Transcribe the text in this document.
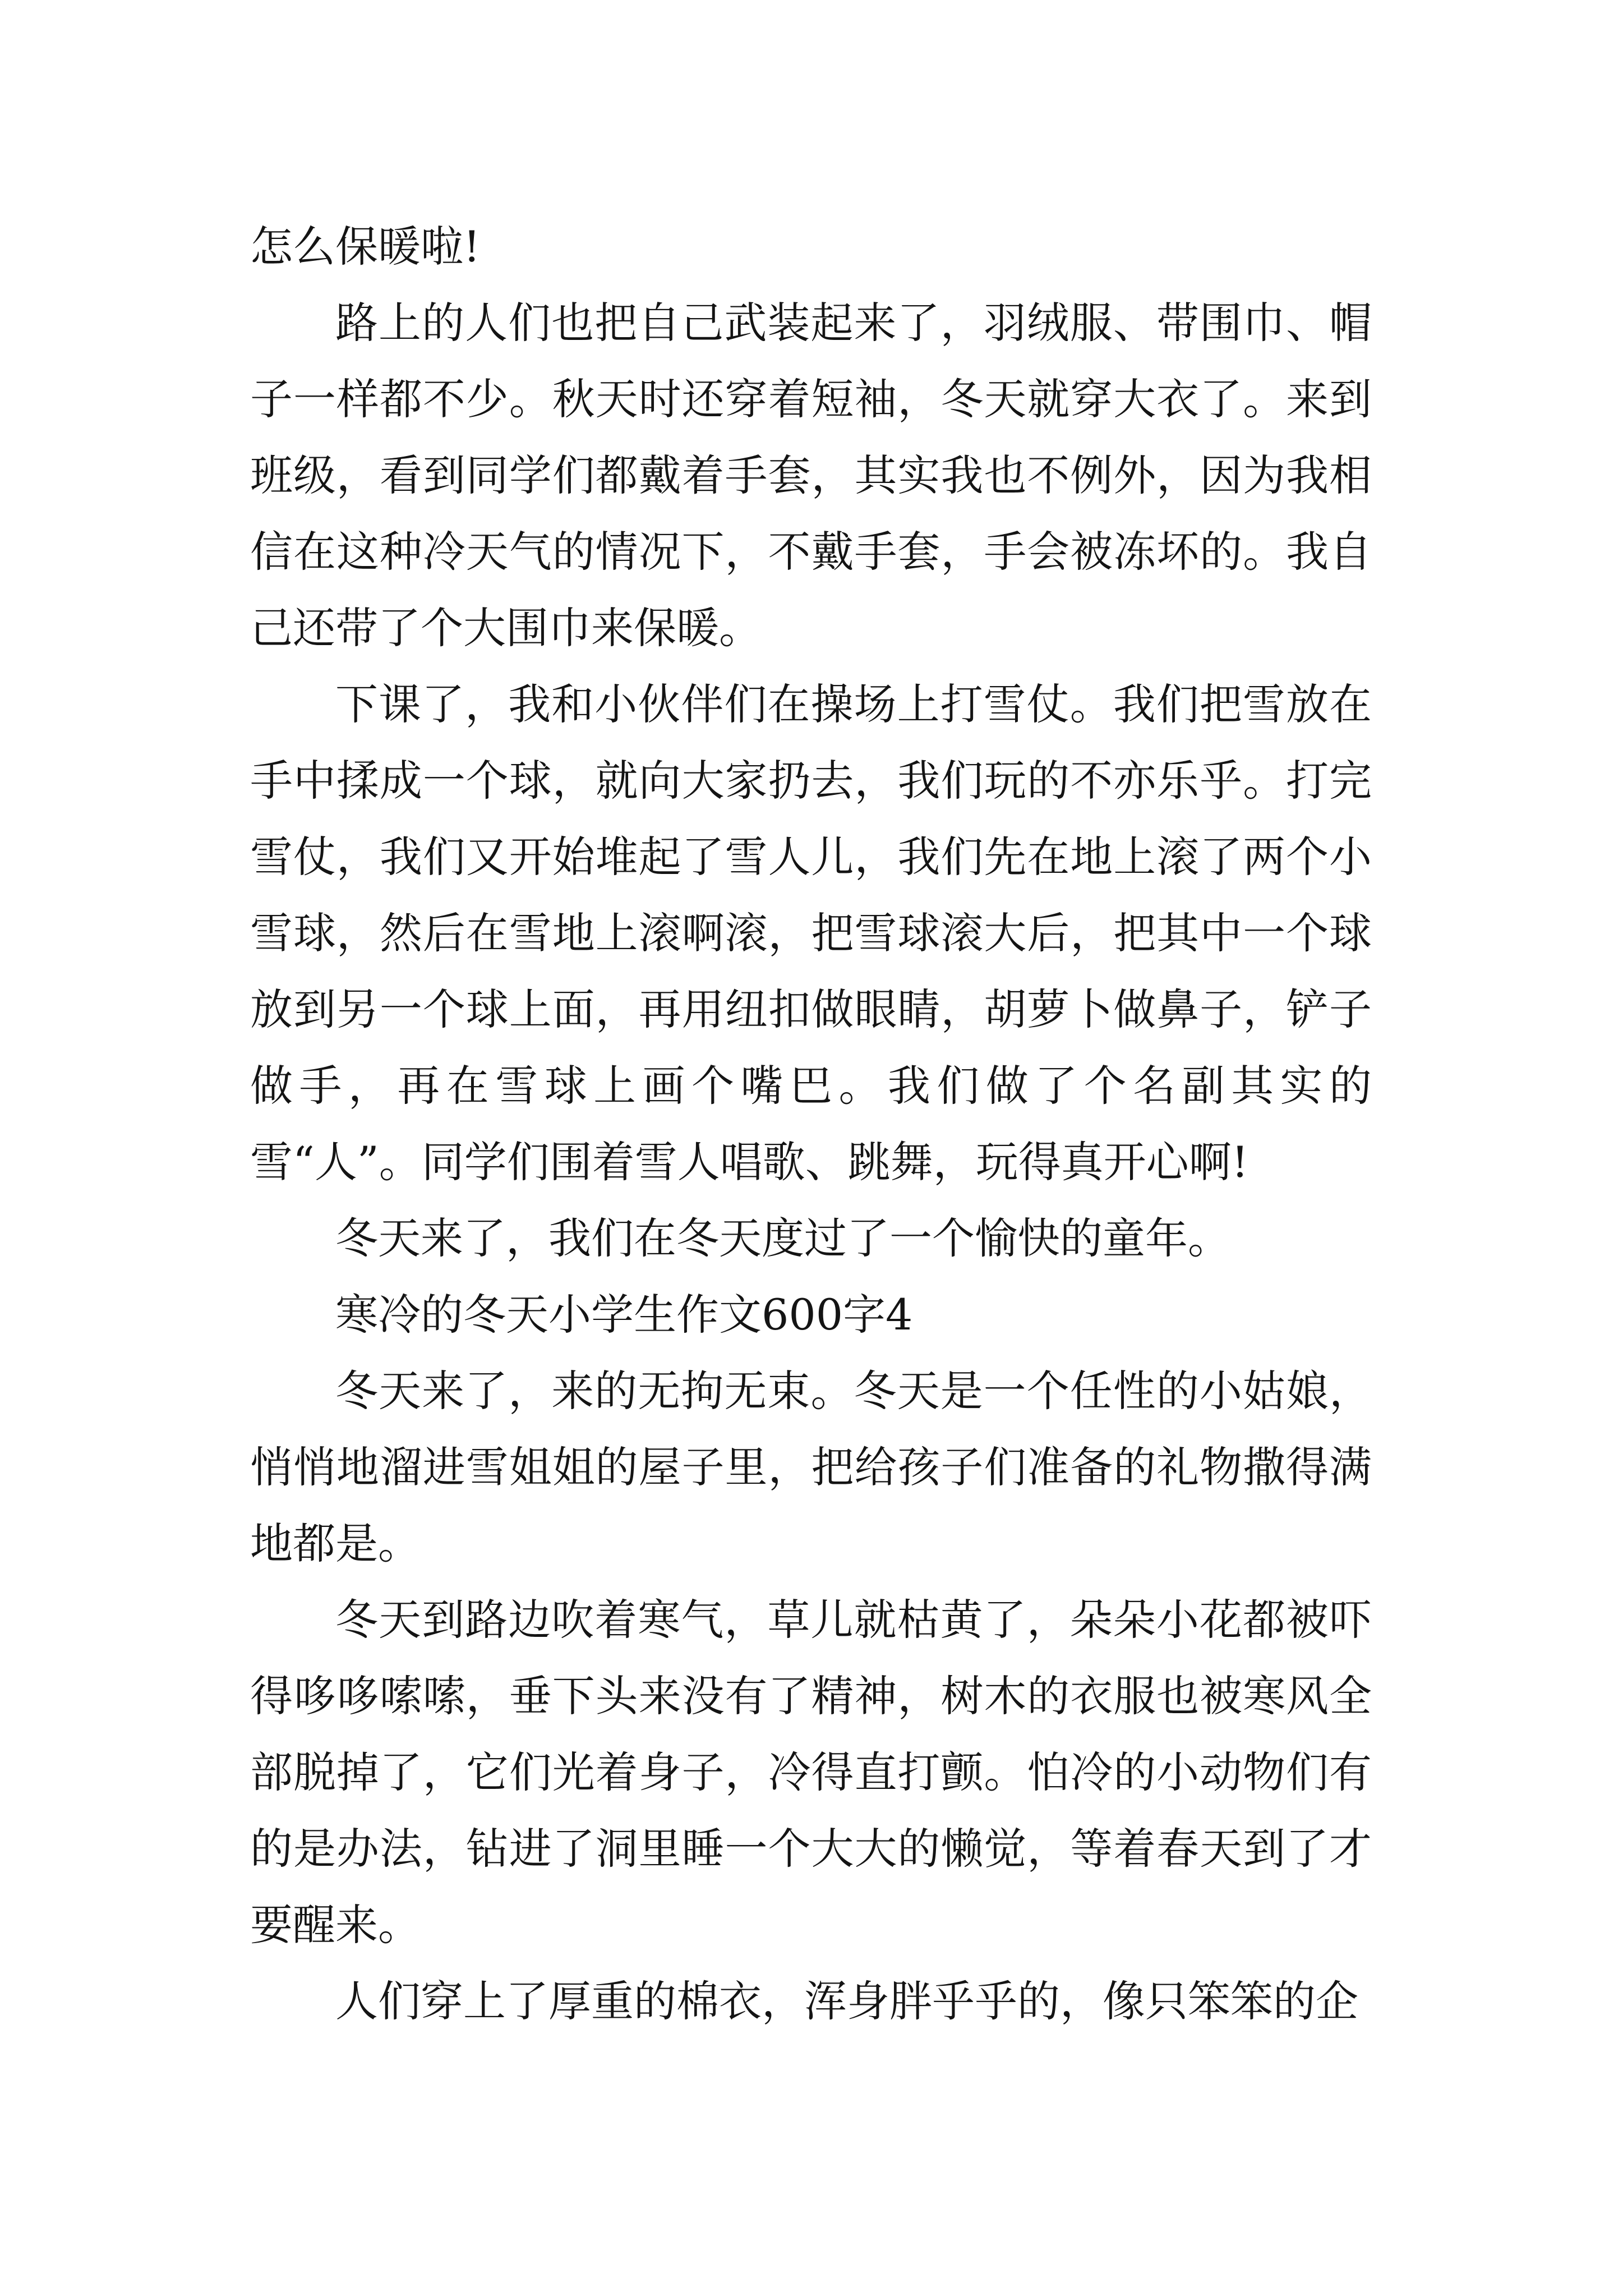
怎么保暖啦!

路上的人们也把自己武装起来了，羽绒服、带围巾、帽子一样都不少。秋天时还穿着短袖，冬天就穿大衣了。来到班级，看到同学们都戴着手套，其实我也不例外，因为我相信在这种冷天气的情况下，不戴手套，手会被冻坏的。我自己还带了个大围巾来保暖。

下课了，我和小伙伴们在操场上打雪仗。我们把雪放在手中揉成一个球，就向大家扔去，我们玩的不亦乐乎。打完雪仗，我们又开始堆起了雪人儿，我们先在地上滚了两个小雪球，然后在雪地上滚啊滚，把雪球滚大后，把其中一个球放到另一个球上面，再用纽扣做眼睛，胡萝卜做鼻子，铲子做手，再在雪球上画个嘴巴。我们做了个名副其实的雪“人”。同学们围着雪人唱歌、跳舞，玩得真开心啊!

冬天来了，我们在冬天度过了一个愉快的童年。

寒冷的冬天小学生作文600字4

冬天来了，来的无拘无束。冬天是一个任性的小姑娘，悄悄地溜进雪姐姐的屋子里，把给孩子们准备的礼物撒得满地都是。

冬天到路边吹着寒气，草儿就枯黄了，朵朵小花都被吓得哆哆嗦嗦，垂下头来没有了精神，树木的衣服也被寒风全部脱掉了，它们光着身子，冷得直打颤。怕冷的小动物们有的是办法，钻进了洞里睡一个大大的懒觉，等着春天到了才要醒来。

人们穿上了厚重的棉衣，浑身胖乎乎的，像只笨笨的企
